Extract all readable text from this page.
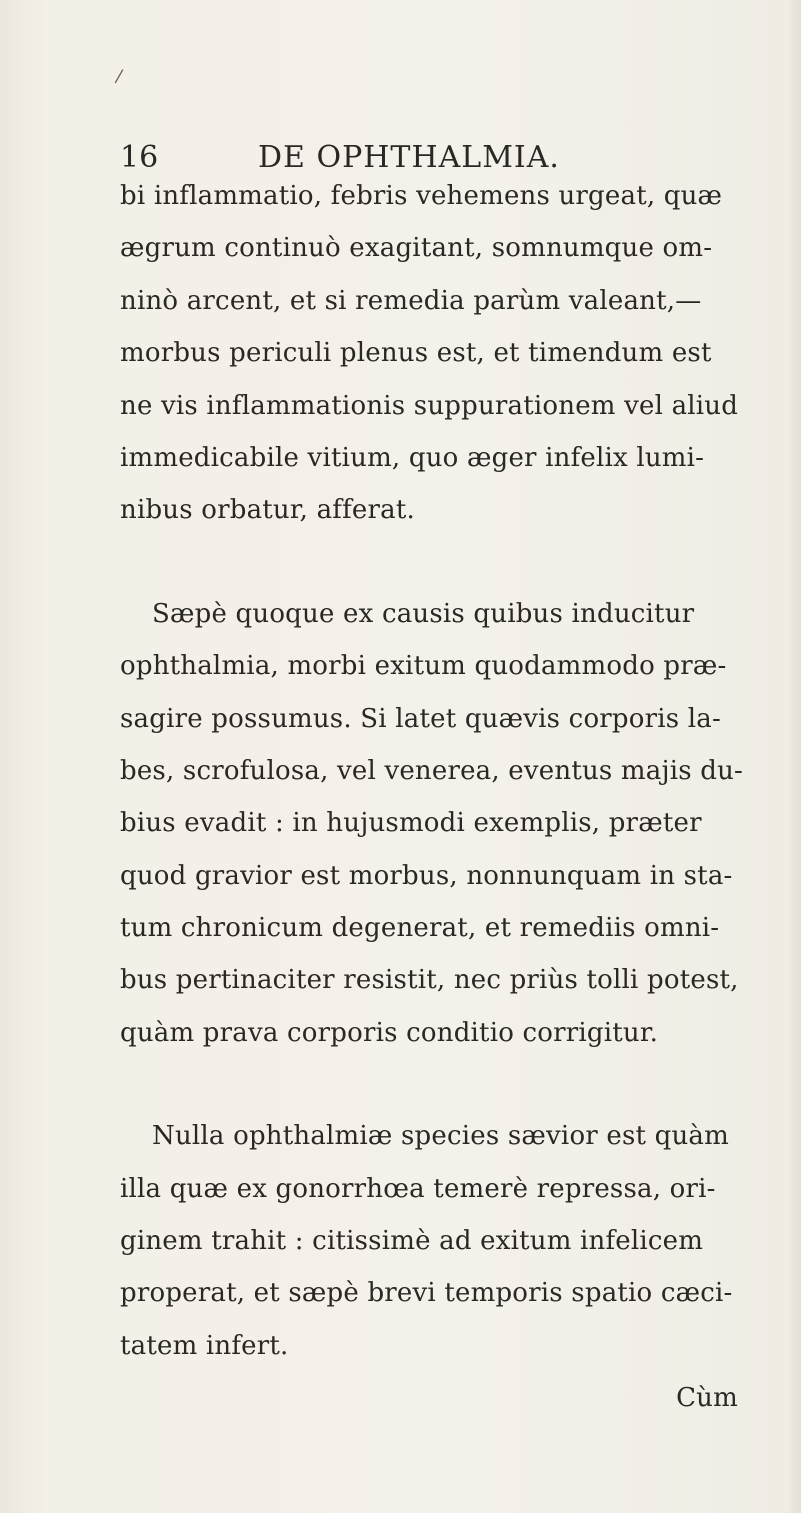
/
16	DE OPHTHALMIA.
bi inflammatio, febris vehemens urgeat, quæ
ægrum continuò exagitant, somnumque om-
ninò arcent, et si remedia parùm valeant,—
morbus periculi plenus est, et timendum est
ne vis inflammationis suppurationem vel aliud
immedicabile vitium, quo æger infelix lumi-
nibus orbatur, afferat.
Sæpè quoque ex causis quibus inducitur
ophthalmia, morbi exitum quodammodo præ-
sagire possumus. Si latet quævis corporis la-
bes, scrofulosa, vel venerea, eventus majis du-
bius evadit : in hujusmodi exemplis, præter
quod gravior est morbus, nonnunquam in sta-
tum chronicum degenerat, et remediis omni-
bus pertinaciter resistit, nec priùs tolli potest,
quàm prava corporis conditio corrigitur.
Nulla ophthalmiæ species sævior est quàm
illa quæ ex gonorrhœa temerè repressa, ori-
ginem trahit : citissimè ad exitum infelicem
properat, et sæpè brevi temporis spatio cæci-
tatem infert.
Cùm
